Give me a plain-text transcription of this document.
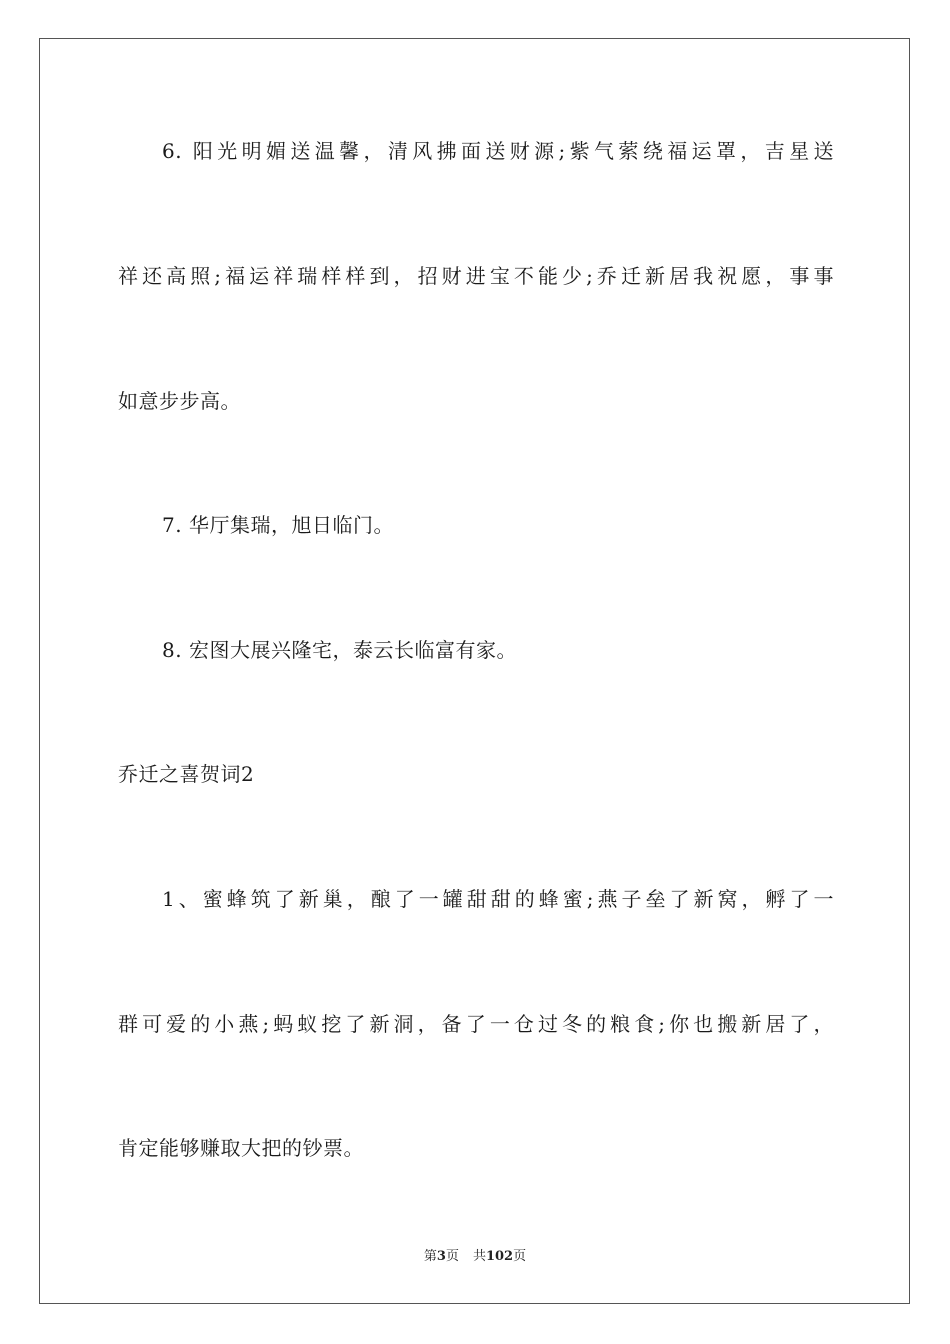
6. 阳光明媚送温馨，清风拂面送财源;紫气萦绕福运罩，吉星送
祥还高照;福运祥瑞样样到，招财进宝不能少;乔迁新居我祝愿，事事
如意步步高。
7. 华厅集瑞，旭日临门。
8. 宏图大展兴隆宅，泰云长临富有家。
乔迁之喜贺词2
1、蜜蜂筑了新巢，酿了一罐甜甜的蜂蜜;燕子垒了新窝，孵了一
群可爱的小燕;蚂蚁挖了新洞，备了一仓过冬的粮食;你也搬新居了，
肯定能够赚取大把的钞票。
第3页 共102页
